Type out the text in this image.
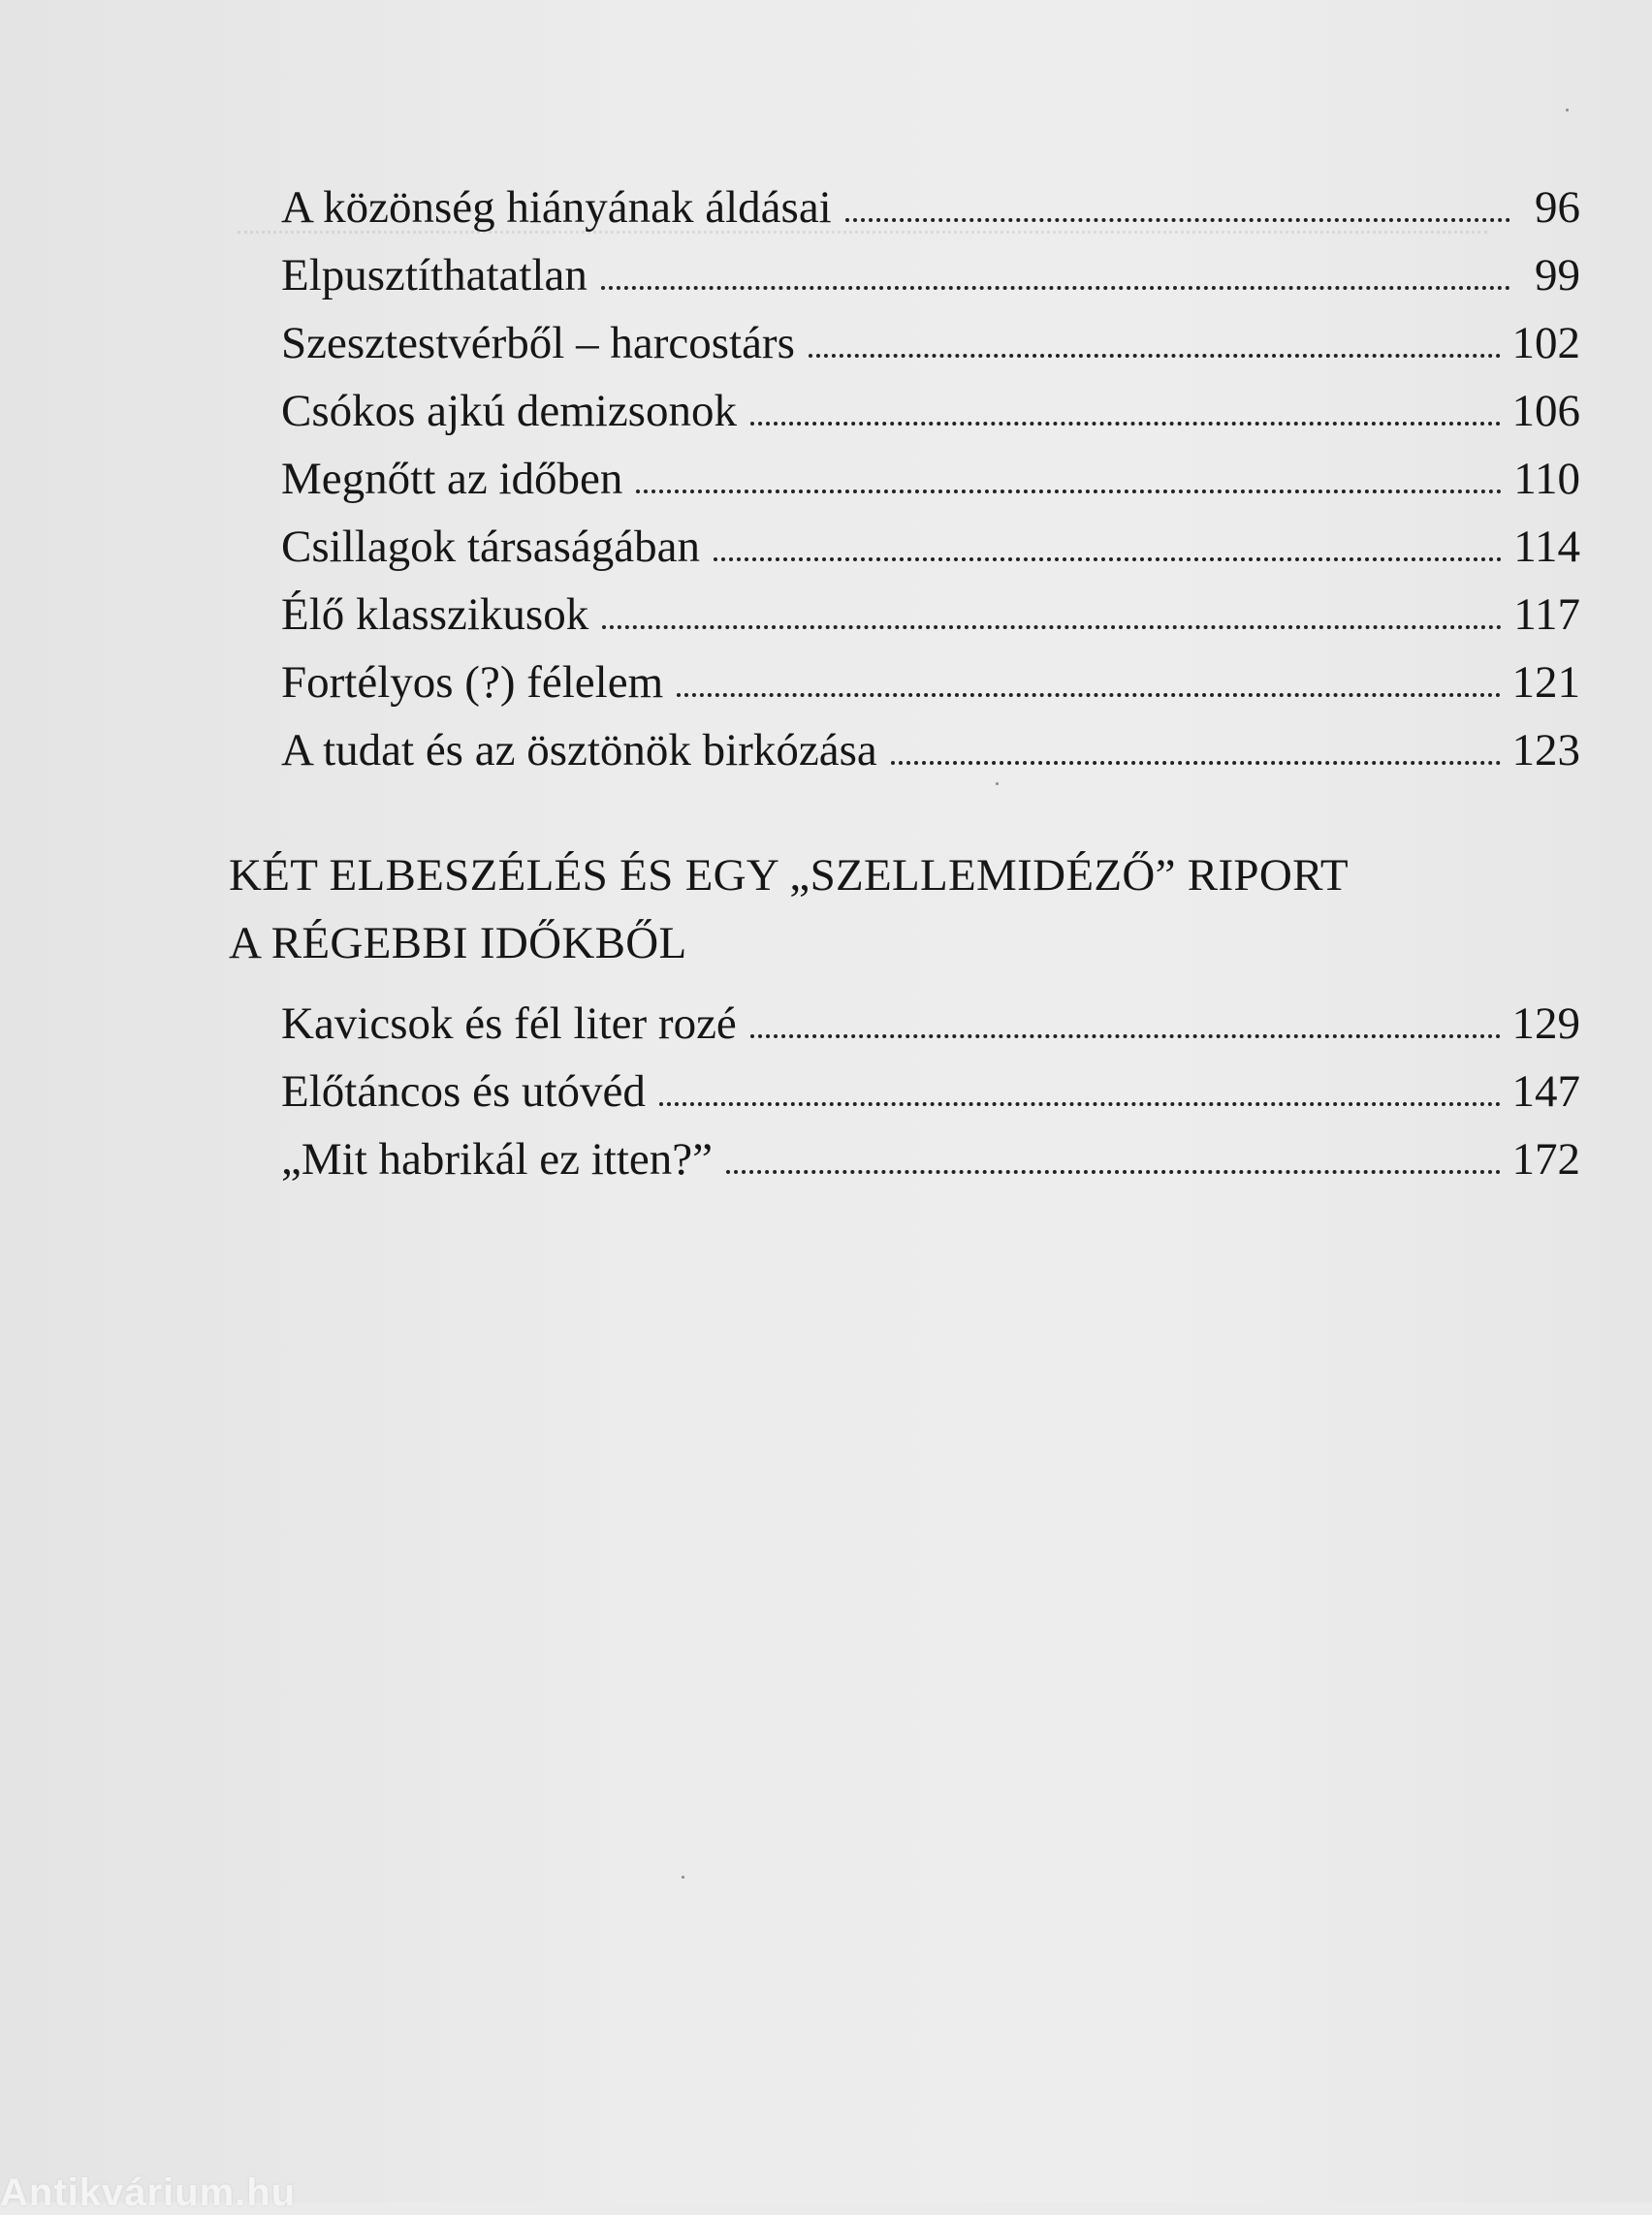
A közönség hiányának áldásai	96
Elpusztíthatatlan	99
Szesztestvérből – harcostárs	102
Csókos ajkú demizsonok	106
Megnőtt az időben	110
Csillagok társaságában	114
Élő klasszikusok	117
Fortélyos (?) félelem	121
A tudat és az ösztönök birkózása	123
KÉT ELBESZÉLÉS ÉS EGY „SZELLEMIDÉZŐ” RIPORT
A RÉGEBBI IDŐKBŐL
Kavicsok és fél liter rozé	129
Előtáncos és utóvéd	147
„Mit habrikál ez itten?”	172
Antikvárium.hu
